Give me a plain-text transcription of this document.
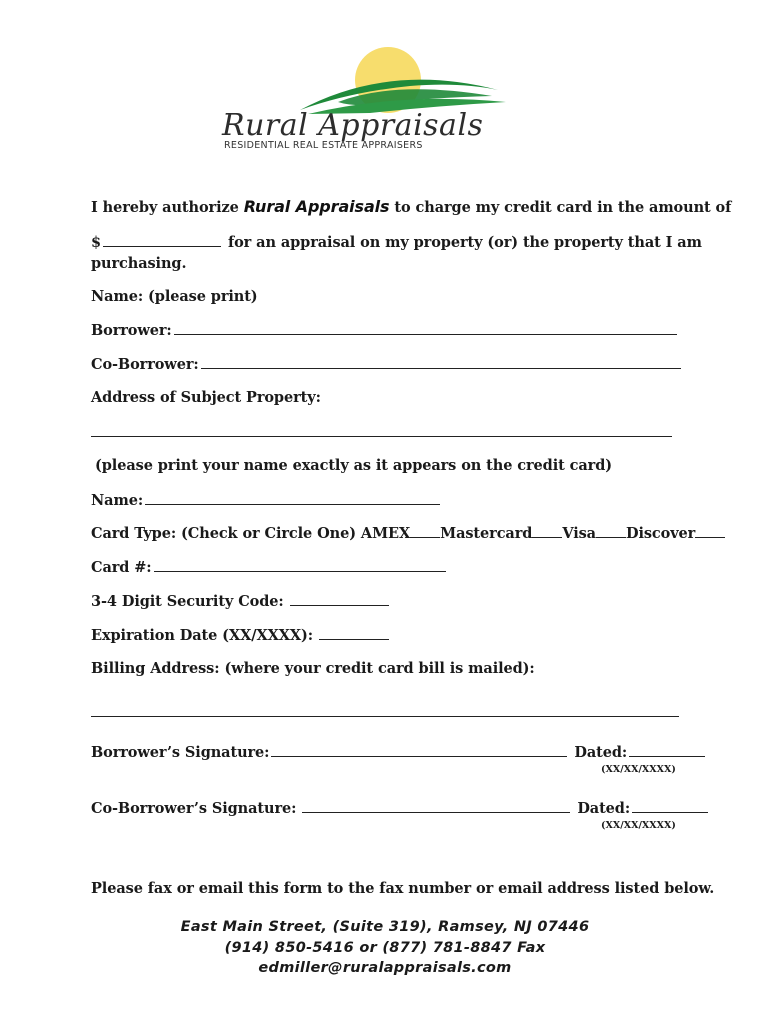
Rural Appraisals
RESIDENTIAL REAL ESTATE APPRAISERS
I hereby authorize Rural Appraisals to charge my credit card in the amount of
$	for an appraisal on my property (or) the property that I am
purchasing.
Name: (please print)
Borrower:
Co-Borrower:
Address of Subject Property:
(please print your name exactly as it appears on the credit card)
Name:
Card Type: (Check or Circle One) AMEX Mastercard Visa Discover
Card #:
3-4 Digit Security Code:
Expiration Date (XX/XXXX):
Billing Address: (where your credit card bill is mailed):
Borrower’s Signature:	Dated:
(XX/XX/XXXX)
Co-Borrower’s Signature:	Dated:
(XX/XX/XXXX)
Please fax or email this form to the fax number or email address listed below.
East Main Street, (Suite 319), Ramsey, NJ 07446
(914) 850-5416 or (877) 781-8847 Fax
edmiller@ruralappraisals.com
